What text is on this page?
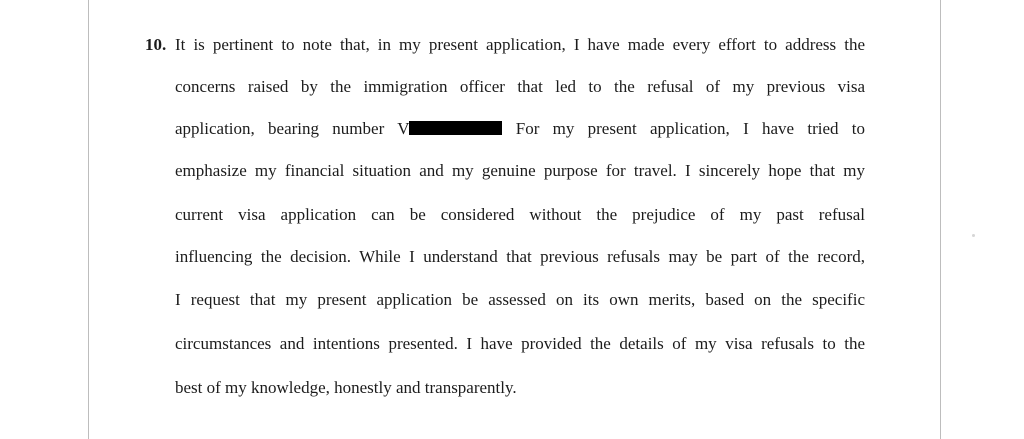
10. It is pertinent to note that, in my present application, I have made every effort to address the
concerns raised by the immigration officer that led to the refusal of my previous visa
application, bearing number V	For my present application, I have tried to
emphasize my financial situation and my genuine purpose for travel. I sincerely hope that my
current visa application can be considered without the prejudice of my past refusal
influencing the decision. While I understand that previous refusals may be part of the record,
I request that my present application be assessed on its own merits, based on the specific
circumstances and intentions presented. I have provided the details of my visa refusals to the
best of my knowledge, honestly and transparently.
